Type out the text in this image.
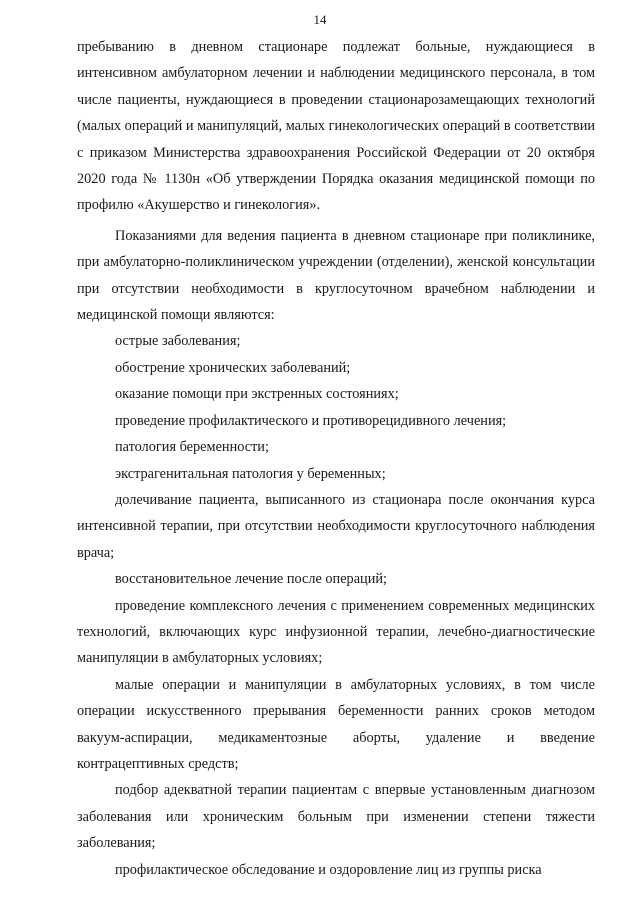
14

пребыванию в дневном стационаре подлежат больные, нуждающиеся в интенсивном амбулаторном лечении и наблюдении медицинского персонала, в том числе пациенты, нуждающиеся в проведении стационарозамещающих технологий (малых операций и манипуляций, малых гинекологических операций в соответствии с приказом Министерства здравоохранения Российской Федерации от 20 октября 2020 года № 1130н «Об утверждении Порядка оказания медицинской помощи по профилю «Акушерство и гинекология».

Показаниями для ведения пациента в дневном стационаре при поликлинике, при амбулаторно-поликлиническом учреждении (отделении), женской консультации при отсутствии необходимости в круглосуточном врачебном наблюдении и медицинской помощи являются:

острые заболевания;

обострение хронических заболеваний;

оказание помощи при экстренных состояниях;

проведение профилактического и противорецидивного лечения;

патология беременности;

экстрагенитальная патология у беременных;

долечивание пациента, выписанного из стационара после окончания курса интенсивной терапии, при отсутствии необходимости круглосуточного наблюдения врача;

восстановительное лечение после операций;

проведение комплексного лечения с применением современных медицинских технологий, включающих курс инфузионной терапии, лечебно-диагностические манипуляции в амбулаторных условиях;

малые операции и манипуляции в амбулаторных условиях, в том числе операции искусственного прерывания беременности ранних сроков методом вакуум-аспирации, медикаментозные аборты, удаление и введение контрацептивных средств;

подбор адекватной терапии пациентам с впервые установленным диагнозом заболевания или хроническим больным при изменении степени тяжести заболевания;

профилактическое обследование и оздоровление лиц из группы риска
